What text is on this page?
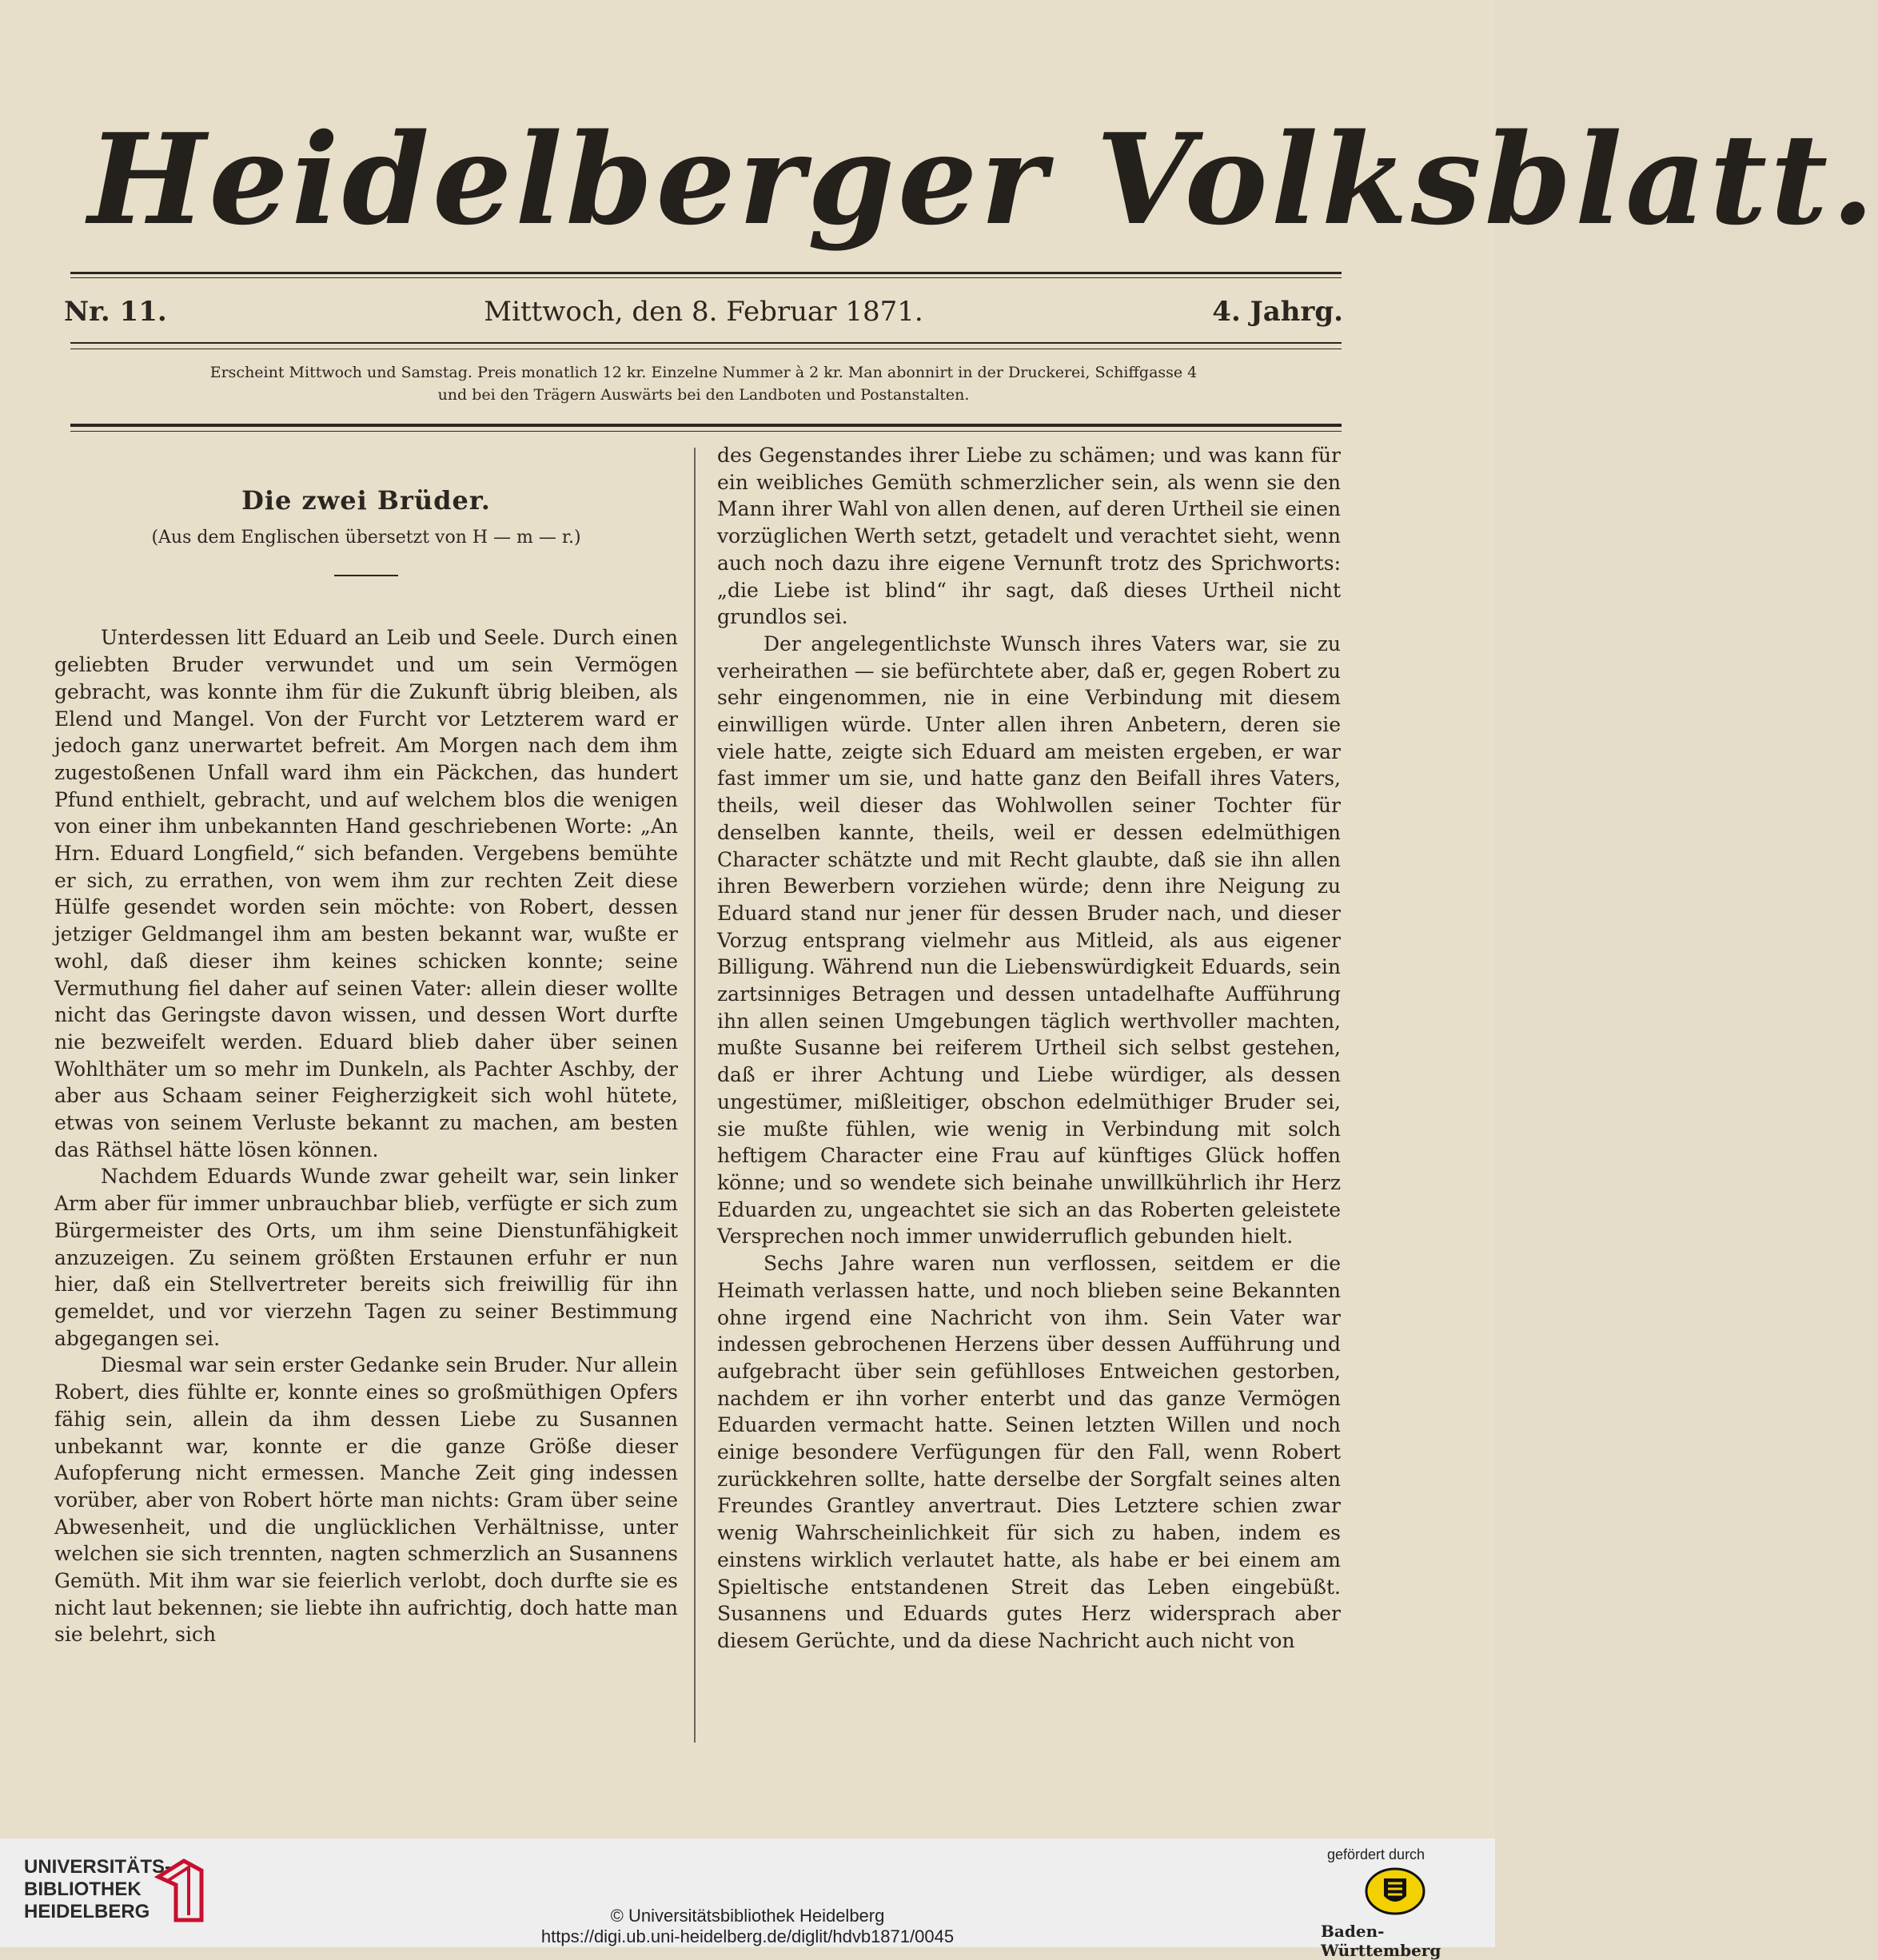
Heidelberger Volksblatt.
Nr. 11.	Mittwoch, den 8. Februar 1871.	4. Jahrg.
Erscheint Mittwoch und Samstag. Preis monatlich 12 kr. Einzelne Nummer à 2 kr. Man abonnirt in der Druckerei, Schiffgasse 4
und bei den Trägern Auswärts bei den Landboten und Postanstalten.
Die zwei Brüder.
(Aus dem Englischen übersetzt von H — m — r.)

Unterdessen litt Eduard an Leib und Seele. Durch einen geliebten Bruder verwundet und um sein Vermögen gebracht, was konnte ihm für die Zukunft übrig bleiben, als Elend und Mangel. Von der Furcht vor Letzterem ward er jedoch ganz unerwartet befreit. Am Morgen nach dem ihm zugestoßenen Unfall ward ihm ein Päckchen, das hundert Pfund enthielt, gebracht, und auf welchem blos die wenigen von einer ihm unbekannten Hand geschriebenen Worte: „An Hrn. Eduard Longfield,“ sich befanden. Vergebens bemühte er sich, zu errathen, von wem ihm zur rechten Zeit diese Hülfe gesendet worden sein möchte: von Robert, dessen jetziger Geldmangel ihm am besten bekannt war, wußte er wohl, daß dieser ihm keines schicken konnte; seine Vermuthung fiel daher auf seinen Vater: allein dieser wollte nicht das Geringste davon wissen, und dessen Wort durfte nie bezweifelt werden. Eduard blieb daher über seinen Wohlthäter um so mehr im Dunkeln, als Pachter Aschby, der aber aus Schaam seiner Feigherzigkeit sich wohl hütete, etwas von seinem Verluste bekannt zu machen, am besten das Räthsel hätte lösen können.

Nachdem Eduards Wunde zwar geheilt war, sein linker Arm aber für immer unbrauchbar blieb, verfügte er sich zum Bürgermeister des Orts, um ihm seine Dienstunfähigkeit anzuzeigen. Zu seinem größten Erstaunen erfuhr er nun hier, daß ein Stellvertreter bereits sich freiwillig für ihn gemeldet, und vor vierzehn Tagen zu seiner Bestimmung abgegangen sei.

Diesmal war sein erster Gedanke sein Bruder. Nur allein Robert, dies fühlte er, konnte eines so großmüthigen Opfers fähig sein, allein da ihm dessen Liebe zu Susannen unbekannt war, konnte er die ganze Größe dieser Aufopferung nicht ermessen. Manche Zeit ging indessen vorüber, aber von Robert hörte man nichts: Gram über seine Abwesenheit, und die unglücklichen Verhältnisse, unter welchen sie sich trennten, nagten schmerzlich an Susannens Gemüth. Mit ihm war sie feierlich verlobt, doch durfte sie es nicht laut bekennen; sie liebte ihn aufrichtig, doch hatte man sie belehrt, sich

des Gegenstandes ihrer Liebe zu schämen; und was kann für ein weibliches Gemüth schmerzlicher sein, als wenn sie den Mann ihrer Wahl von allen denen, auf deren Urtheil sie einen vorzüglichen Werth setzt, getadelt und verachtet sieht, wenn auch noch dazu ihre eigene Vernunft trotz des Sprichworts: „die Liebe ist blind“ ihr sagt, daß dieses Urtheil nicht grundlos sei.

Der angelegentlichste Wunsch ihres Vaters war, sie zu verheirathen — sie befürchtete aber, daß er, gegen Robert zu sehr eingenommen, nie in eine Verbindung mit diesem einwilligen würde. Unter allen ihren Anbetern, deren sie viele hatte, zeigte sich Eduard am meisten ergeben, er war fast immer um sie, und hatte ganz den Beifall ihres Vaters, theils, weil dieser das Wohlwollen seiner Tochter für denselben kannte, theils, weil er dessen edelmüthigen Character schätzte und mit Recht glaubte, daß sie ihn allen ihren Bewerbern vorziehen würde; denn ihre Neigung zu Eduard stand nur jener für dessen Bruder nach, und dieser Vorzug entsprang vielmehr aus Mitleid, als aus eigener Billigung. Während nun die Liebenswürdigkeit Eduards, sein zartsinniges Betragen und dessen untadelhafte Aufführung ihn allen seinen Umgebungen täglich werthvoller machten, mußte Susanne bei reiferem Urtheil sich selbst gestehen, daß er ihrer Achtung und Liebe würdiger, als dessen ungestümer, mißleitiger, obschon edelmüthiger Bruder sei, sie mußte fühlen, wie wenig in Verbindung mit solch heftigem Character eine Frau auf künftiges Glück hoffen könne; und so wendete sich beinahe unwillkührlich ihr Herz Eduarden zu, ungeachtet sie sich an das Roberten geleistete Versprechen noch immer unwiderruflich gebunden hielt.

Sechs Jahre waren nun verflossen, seitdem er die Heimath verlassen hatte, und noch blieben seine Bekannten ohne irgend eine Nachricht von ihm. Sein Vater war indessen gebrochenen Herzens über dessen Aufführung und aufgebracht über sein gefühlloses Entweichen gestorben, nachdem er ihn vorher enterbt und das ganze Vermögen Eduarden vermacht hatte. Seinen letzten Willen und noch einige besondere Verfügungen für den Fall, wenn Robert zurückkehren sollte, hatte derselbe der Sorgfalt seines alten Freundes Grantley anvertraut. Dies Letztere schien zwar wenig Wahrscheinlichkeit für sich zu haben, indem es einstens wirklich verlautet hatte, als habe er bei einem am Spieltische entstandenen Streit das Leben eingebüßt. Susannens und Eduards gutes Herz widersprach aber diesem Gerüchte, und da diese Nachricht auch nicht von

UNIVERSITÄTS-
BIBLIOTHEK
HEIDELBERG	© Universitätsbibliothek Heidelberg
https://digi.ub.uni-heidelberg.de/diglit/hdvb1871/0045
gefördert durch
Baden-Württemberg
